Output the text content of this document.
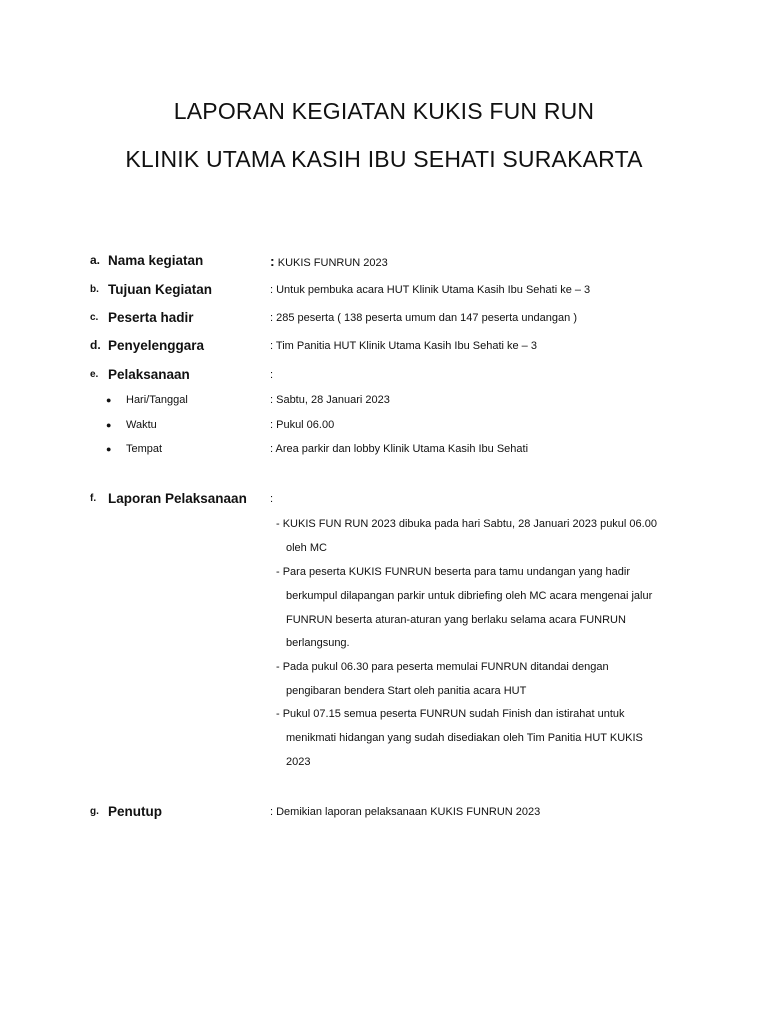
LAPORAN KEGIATAN KUKIS FUN RUN
KLINIK UTAMA KASIH IBU SEHATI SURAKARTA
a. Nama kegiatan	: KUKIS FUNRUN 2023
b. Tujuan Kegiatan	: Untuk pembuka acara HUT Klinik Utama Kasih Ibu Sehati ke – 3
c. Peserta hadir	: 285 peserta ( 138 peserta umum dan 147 peserta undangan )
d. Penyelenggara	: Tim Panitia HUT Klinik Utama Kasih Ibu Sehati ke – 3
e. Pelaksanaan	:
● Hari/Tanggal	: Sabtu, 28 Januari 2023
● Waktu	: Pukul 06.00
● Tempat	: Area parkir dan lobby Klinik Utama Kasih Ibu Sehati
f. Laporan Pelaksanaan :
- KUKIS FUN RUN 2023 dibuka pada hari Sabtu, 28 Januari 2023 pukul 06.00
oleh MC
- Para peserta KUKIS FUNRUN beserta para tamu undangan yang hadir
berkumpul dilapangan parkir untuk dibriefing oleh MC acara mengenai jalur
FUNRUN beserta aturan-aturan yang berlaku selama acara FUNRUN
berlangsung.
- Pada pukul 06.30 para peserta memulai FUNRUN ditandai dengan
pengibaran bendera Start oleh panitia acara HUT
- Pukul 07.15 semua peserta FUNRUN sudah Finish dan istirahat untuk
menikmati hidangan yang sudah disediakan oleh Tim Panitia HUT KUKIS
2023
g. Penutup	: Demikian laporan pelaksanaan KUKIS FUNRUN 2023
